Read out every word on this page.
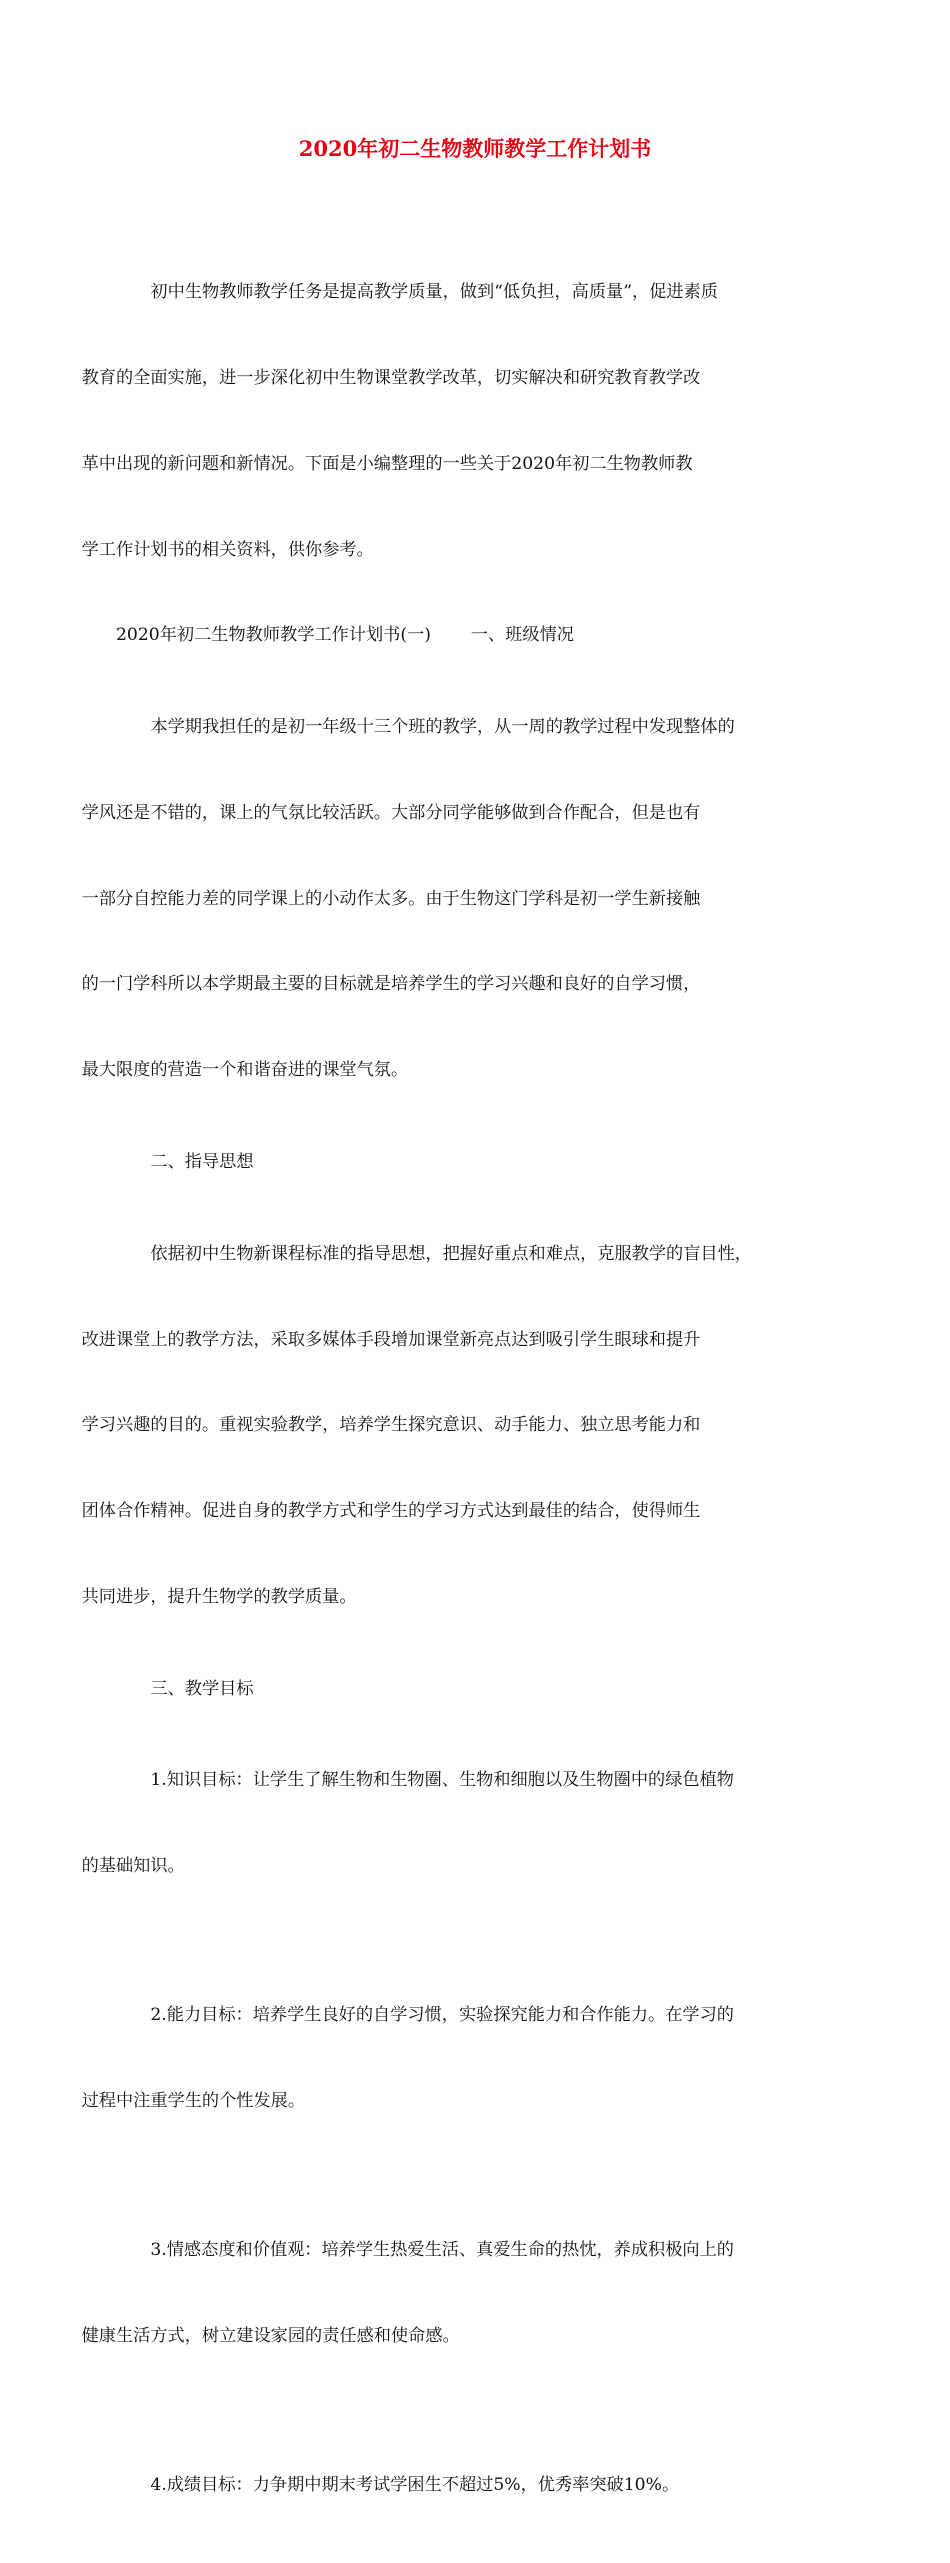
2020年初二生物教师教学工作计划书

初中生物教师教学任务是提高教学质量，做到“低负担，高质量”，促进素质

教育的全面实施，进一步深化初中生物课堂教学改革，切实解决和研究教育教学改

革中出现的新问题和新情况。下面是小编整理的一些关于2020年初二生物教师教

学工作计划书的相关资料，供你参考。

2020年初二生物教师教学工作计划书(一)　　 一、班级情况

本学期我担任的是初一年级十三个班的教学，从一周的教学过程中发现整体的

学风还是不错的，课上的气氛比较活跃。大部分同学能够做到合作配合，但是也有

一部分自控能力差的同学课上的小动作太多。由于生物这门学科是初一学生新接触

的一门学科所以本学期最主要的目标就是培养学生的学习兴趣和良好的自学习惯，

最大限度的营造一个和谐奋进的课堂气氛。

二、指导思想

依据初中生物新课程标准的指导思想，把握好重点和难点，克服教学的盲目性，

改进课堂上的教学方法，采取多媒体手段增加课堂新亮点达到吸引学生眼球和提升

学习兴趣的目的。重视实验教学，培养学生探究意识、动手能力、独立思考能力和

团体合作精神。促进自身的教学方式和学生的学习方式达到最佳的结合，使得师生

共同进步，提升生物学的教学质量。

三、教学目标

1.知识目标：让学生了解生物和生物圈、生物和细胞以及生物圈中的绿色植物

的基础知识。

2.能力目标：培养学生良好的自学习惯，实验探究能力和合作能力。在学习的

过程中注重学生的个性发展。

3.情感态度和价值观：培养学生热爱生活、真爱生命的热忱，养成积极向上的

健康生活方式，树立建设家园的责任感和使命感。

4.成绩目标：力争期中期末考试学困生不超过5%，优秀率突破10%。
